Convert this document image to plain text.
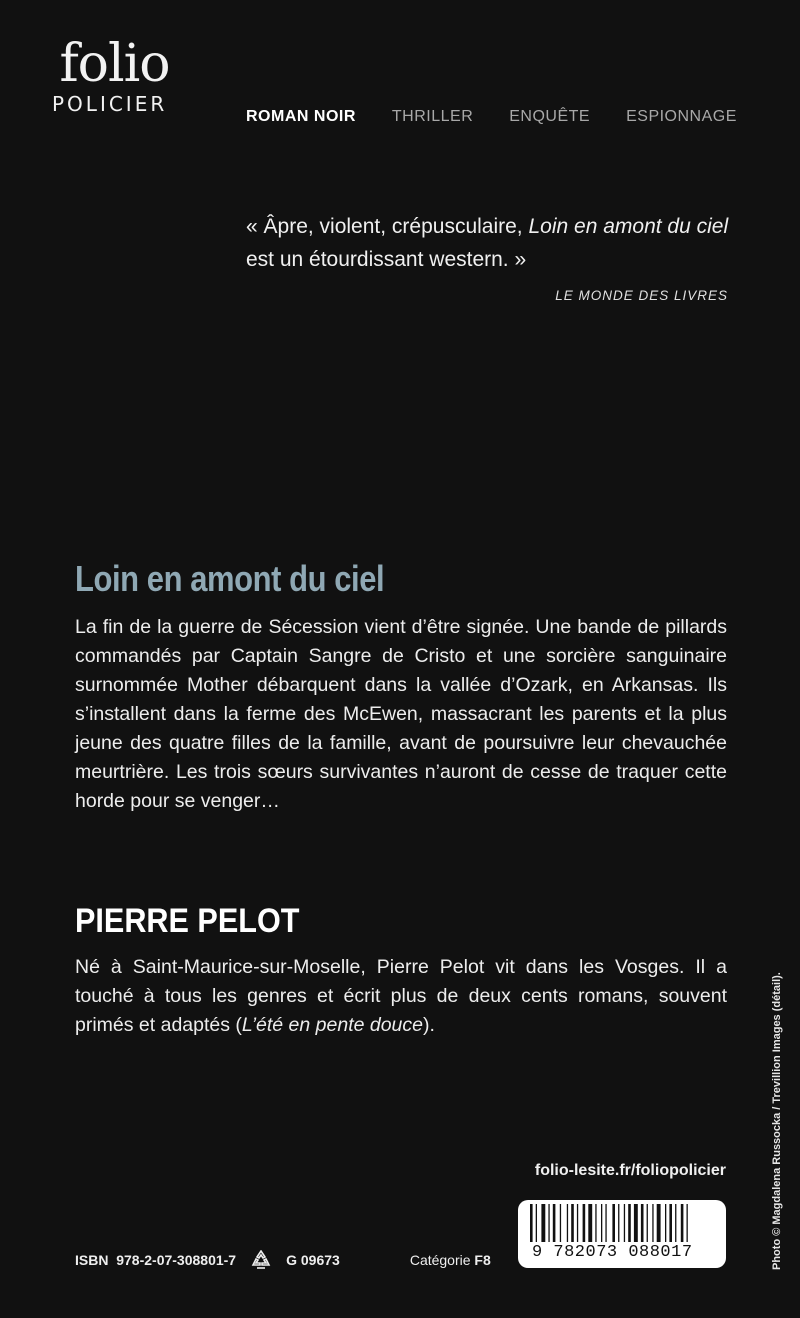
folio
POLICIER
ROMAN NOIR THRILLER ENQUÊTE ESPIONNAGE
« Âpre, violent, crépusculaire, Loin en amont du ciel
est un étourdissant western. »
LE MONDE DES LIVRES
Loin en amont du ciel
La fin de la guerre de Sécession vient d’être signée. Une bande de pillards commandés par Captain Sangre de Cristo et une sorcière sanguinaire surnommée Mother débarquent dans la vallée d’Ozark, en Arkansas. Ils s’installent dans la ferme des McEwen, massacrant les parents et la plus jeune des quatre filles de la famille, avant de poursuivre leur chevauchée meurtrière. Les trois sœurs survivantes n’auront de cesse de traquer cette horde pour se venger…
PIERRE PELOT
Né à Saint-Maurice-sur-Moselle, Pierre Pelot vit dans les Vosges. Il a touché à tous les genres et écrit plus de deux cents romans, souvent primés et adaptés (L’été en pente douce).	Photo © Magdalena Russocka / Trevillion Images (détail).
folio-lesite.fr/foliopolicier
ISBN  978-2-07-308801-7	G 09673	Catégorie F8 9 782073 088017
